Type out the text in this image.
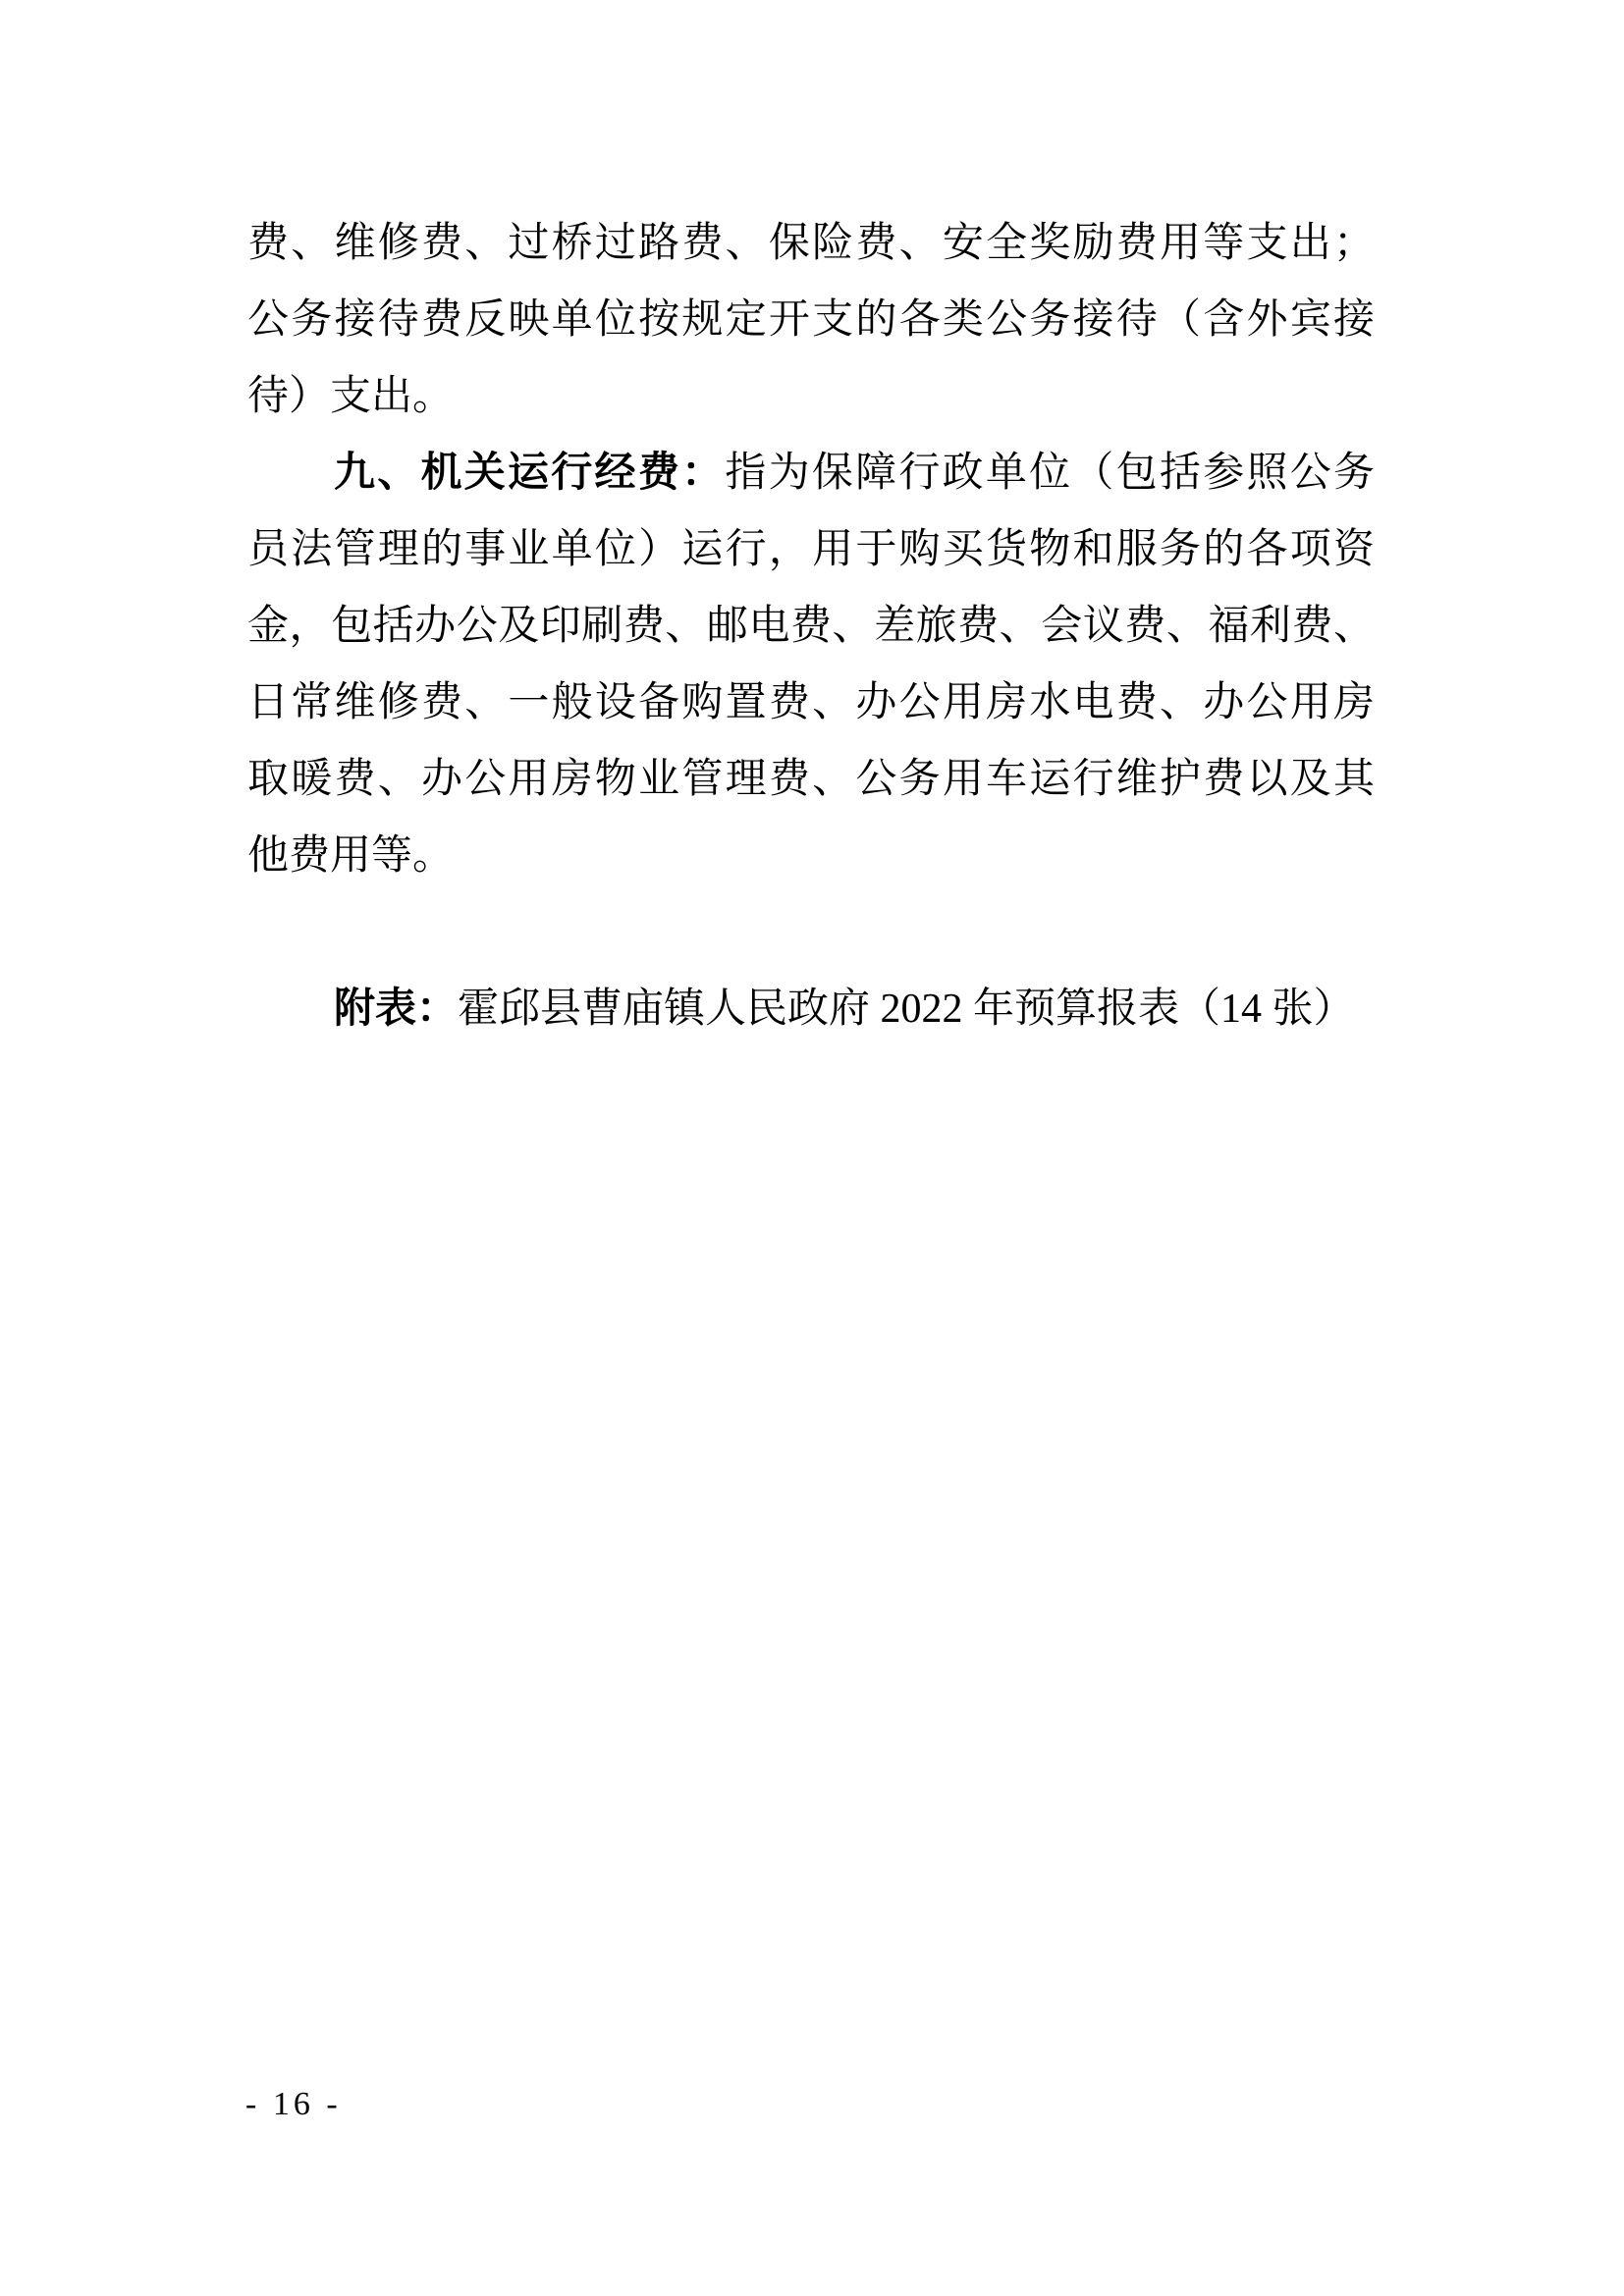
费、维修费、过桥过路费、保险费、安全奖励费用等支出；
公务接待费反映单位按规定开支的各类公务接待（含外宾接
待）支出。
九、机关运行经费：指为保障行政单位（包括参照公务
员法管理的事业单位）运行，用于购买货物和服务的各项资
金，包括办公及印刷费、邮电费、差旅费、会议费、福利费、
日常维修费、一般设备购置费、办公用房水电费、办公用房
取暖费、办公用房物业管理费、公务用车运行维护费以及其
他费用等。
附表：霍邱县曹庙镇人民政府 2022 年预算报表（14 张）
- 16 -
